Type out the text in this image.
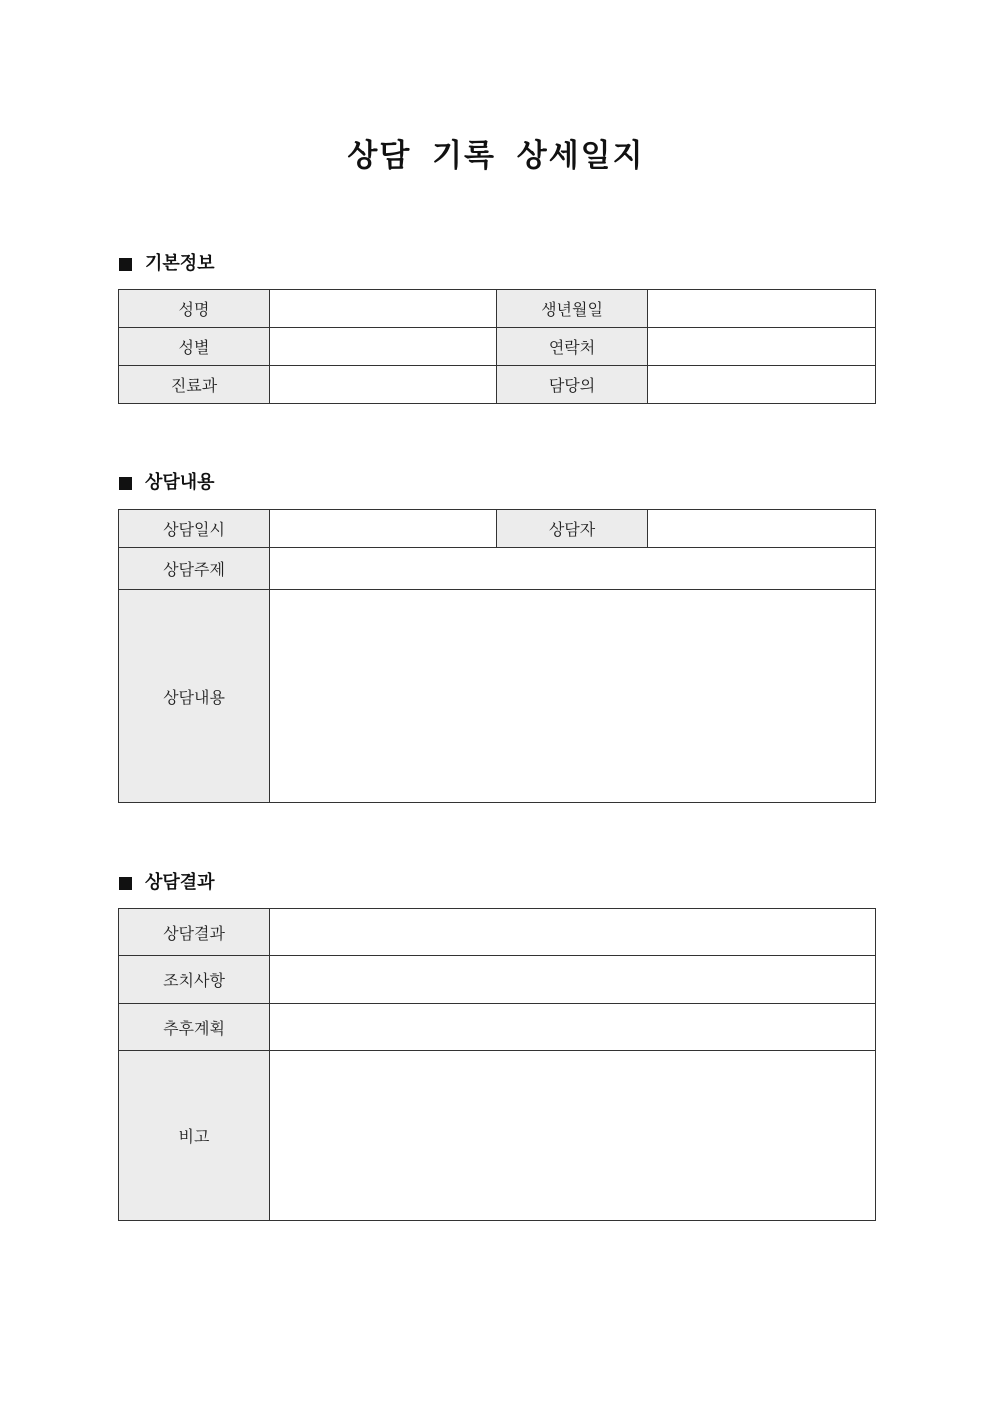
상담 기록 상세일지
기본정보
성명		생년월일	
성별		연락처	
진료과		담당의	
상담내용
상담일시		상담자	
상담주제			
상담내용			
상담결과
상담결과	
조치사항	
추후계획	
비고	
